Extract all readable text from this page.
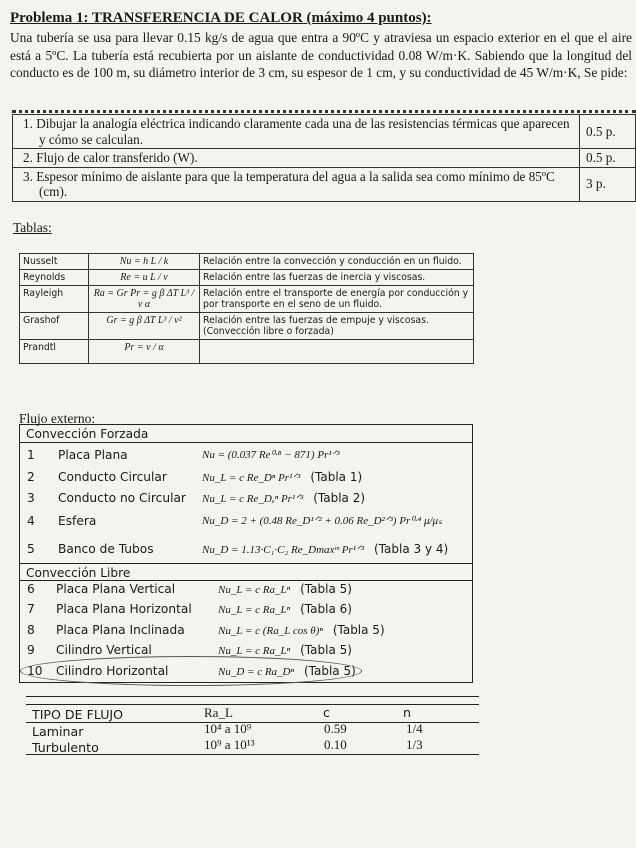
Problema 1: TRANSFERENCIA DE CALOR (máximo 4 puntos):
Una tubería se usa para llevar 0.15 kg/s de agua que entra a 90ºC y atraviesa un espacio exterior en el que el aire está a 5ºC. La tubería está recubierta por un aislante de conductividad 0.08 W/m·K. Sabiendo que la longitud del conducto es de 100 m, su diámetro interior de 3 cm, su espesor de 1 cm, y su conductividad de 45 W/m·K, Se pide:
1. Dibujar la analogía eléctrica indicando claramente cada una de las resistencias térmicas que aparecen y cómo se calculan.	0.5 p.
2. Flujo de calor transferido (W).	0.5 p.
3. Espesor mínimo de aislante para que la temperatura del agua a la salida sea como mínimo de 85ºC (cm).	3 p.
Tablas:
Nusselt	Nu = h L / k	Relación entre la convección y conducción en un fluido.
Reynolds	Re = u L / ν	Relación entre las fuerzas de inercia y viscosas.
Rayleigh	Ra = Gr Pr = g β ΔT L³ / ν α	Relación entre el transporte de energía por conducción y por transporte en el seno de un fluido.
Grashof	Gr = g β ΔT L³ / ν²	Relación entre las fuerzas de empuje y viscosas. (Convección libre o forzada)
Prandtl	Pr = ν / α	
Flujo externo:
Convección Forzada
1 Placa Plana	Nu = (0.037 Re⁰·⁸ − 871) Pr¹ᐟ³
2 Conducto Circular	Nu_L = c Re_Dⁿ Pr¹ᐟ³ (Tabla 1)
3 Conducto no Circular Nu_L = c Re_Dₑⁿ Pr¹ᐟ³ (Tabla 2)
4 Esfera	Nu_D = 2 + (0.48 Re_D¹ᐟ² + 0.06 Re_D²ᐟ³) Pr⁰·⁴ μ/μₛ
5 Banco de Tubos	Nu_D = 1.13·C₁·C₂ Re_Dmaxᵐ Pr¹ᐟ³ (Tabla 3 y 4)
Convección Libre
6 Placa Plana Vertical	Nu_L = c Ra_Lⁿ (Tabla 5)
7 Placa Plana Horizontal Nu_L = c Ra_Lⁿ (Tabla 6)
8 Placa Plana Inclinada	Nu_L = c (Ra_L cos θ)ⁿ (Tabla 5)
9 Cilindro Vertical	Nu_L = c Ra_Lⁿ (Tabla 5)
10 Cilindro Horizontal	Nu_D = c Ra_Dⁿ (Tabla 5)
TIPO DE FLUJO	Ra_L	c	n
Laminar	10⁴ a 10⁹	0.59	1/4
Turbulento	10⁹ a 10¹³	0.10	1/3
